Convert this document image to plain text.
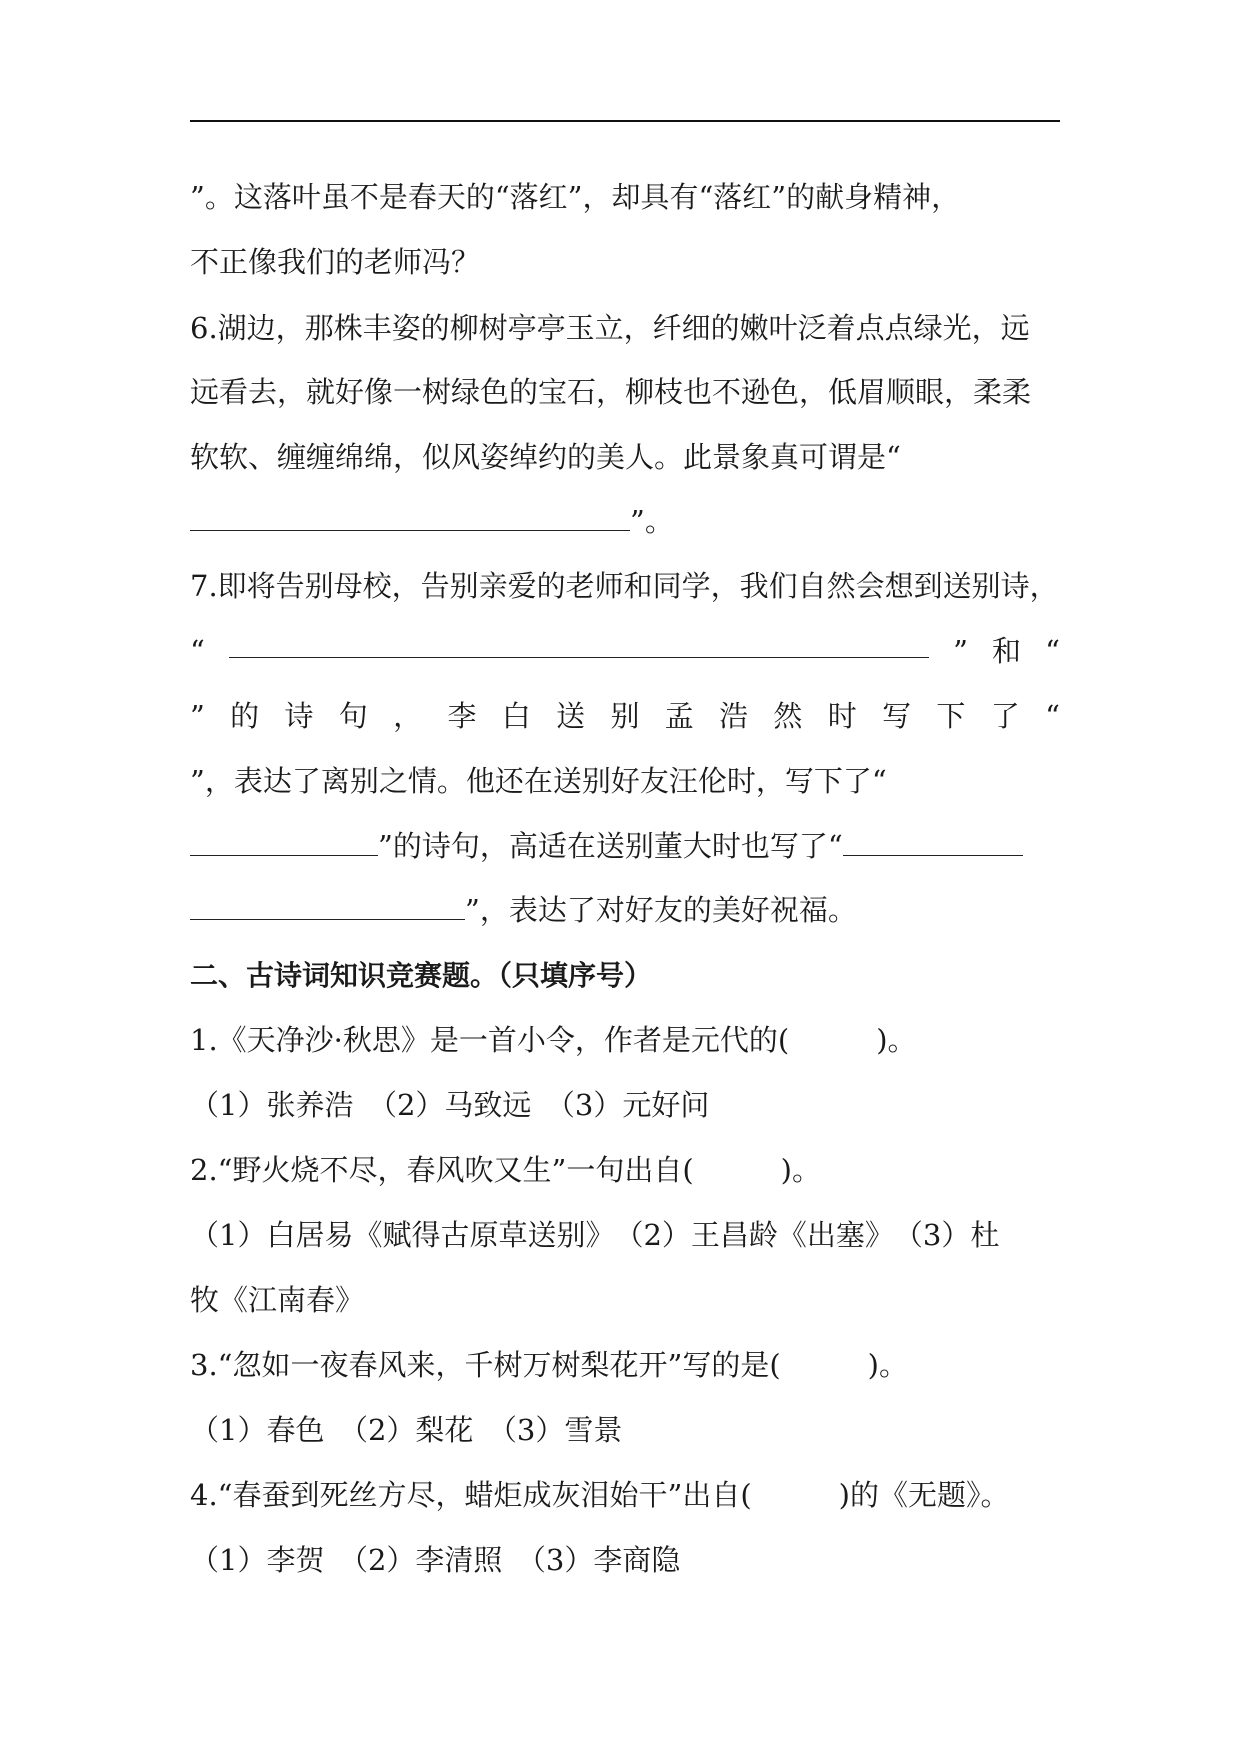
”。这落叶虽不是春天的“落红”，却具有“落红”的献身精神，
不正像我们的老师冯？
6.湖边，那株丰姿的柳树亭亭玉立，纤细的嫩叶泛着点点绿光，远
远看去，就好像一树绿色的宝石，柳枝也不逊色，低眉顺眼，柔柔
软软、缠缠绵绵，似风姿绰约的美人。此景象真可谓是“
”。
7.即将告别母校，告别亲爱的老师和同学，我们自然会想到送别诗，
“	” 和 “
” 的 诗 句 ， 李 白 送 别 孟 浩 然 时 写 下 了 “
”，表达了离别之情。他还在送别好友汪伦时，写下了“
”的诗句，高适在送别董大时也写了“
”，表达了对好友的美好祝福。
二、古诗词知识竞赛题。（只填序号）
1.《天净沙·秋思》是一首小令，作者是元代的(　　　)。
（1）张养浩　（2）马致远　（3）元好问
2.“野火烧不尽，春风吹又生”一句出自(　　　)。
（1）白居易《赋得古原草送别》　（2）王昌龄《出塞》　（3）杜
牧《江南春》
3.“忽如一夜春风来，千树万树梨花开”写的是(　　　)。
（1）春色　（2）梨花　（3）雪景
4.“春蚕到死丝方尽，蜡炬成灰泪始干”出自(　　　)的《无题》。
（1）李贺　（2）李清照　（3）李商隐
